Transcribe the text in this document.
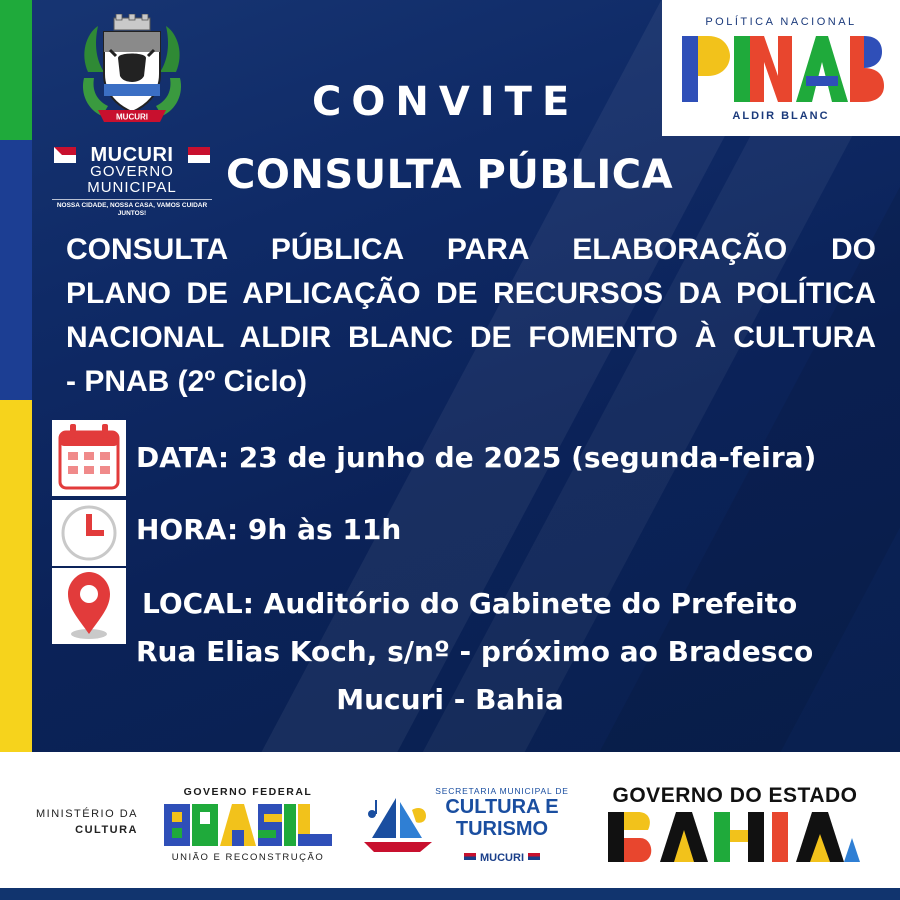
MUCURI
MUCURI
GOVERNO MUNICIPAL
NOSSA CIDADE, NOSSA CASA, VAMOS CUIDAR JUNTOS!
POLÍTICA NACIONAL
ALDIR BLANC
CONVITE
CONSULTA PÚBLICA
CONSULTA PÚBLICA PARA ELABORAÇÃO DO
PLANO DE APLICAÇÃO DE RECURSOS DA POLÍTICA
NACIONAL ALDIR BLANC DE FOMENTO À CULTURA
- PNAB (2º Ciclo)
DATA: 23 de junho de 2025 (segunda-feira)
HORA: 9h às 11h
LOCAL: Auditório do Gabinete do Prefeito
Rua Elias Koch, s/nº - próximo ao Bradesco
Mucuri - Bahia
MINISTÉRIO DA
CULTURA
GOVERNO FEDERAL
UNIÃO E RECONSTRUÇÃO
SECRETARIA MUNICIPAL DE
CULTURA E
TURISMO
MUCURI
GOVERNO DO ESTADO
